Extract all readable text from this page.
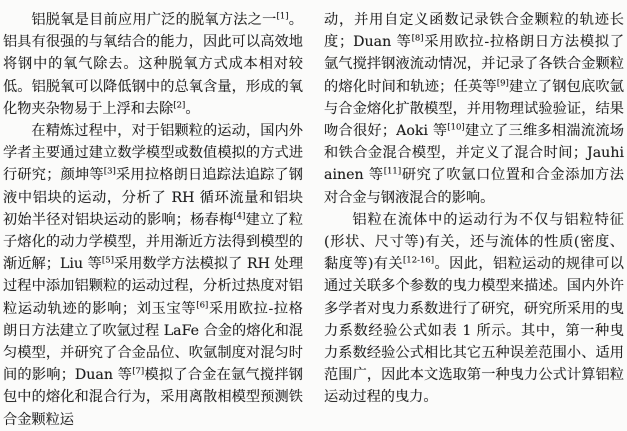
铝脱氧是目前应用广泛的脱氧方法之一[1]。铝具有很强的与氧结合的能力，因此可以高效地将钢中的氧气除去。这种脱氧方式成本相对较低。铝脱氧可以降低钢中的总氧含量，形成的氧化物夹杂物易于上浮和去除[2]。

在精炼过程中，对于铝颗粒的运动，国内外学者主要通过建立数学模型或数值模拟的方式进行研究；颜坤等[3]采用拉格朗日追踪法追踪了钢液中铝块的运动，分析了 RH 循环流量和铝块初始半径对铝块运动的影响；杨春梅[4]建立了粒子熔化的动力学模型，并用渐近方法得到模型的渐近解；Liu 等[5]采用数学方法模拟了 RH 处理过程中添加铝颗粒的运动过程，分析过热度对铝粒运动轨迹的影响；刘玉宝等[6]采用欧拉-拉格朗日方法建立了吹氩过程 LaFe 合金的熔化和混匀模型，并研究了合金品位、吹氩制度对混匀时间的影响；Duan 等[7]模拟了合金在氩气搅拌钢包中的熔化和混合行为，采用离散相模型预测铁合金颗粒运

动，并用自定义函数记录铁合金颗粒的轨迹长度；Duan 等[8]采用欧拉-拉格朗日方法模拟了氩气搅拌钢液流动情况，并记录了各铁合金颗粒的熔化时间和轨迹；任英等[9]建立了钢包底吹氩与合金熔化扩散模型，并用物理试验验证，结果吻合很好；Aoki 等[10]建立了三维多相湍流流场和铁合金混合模型，并定义了混合时间；Jauhiainen 等[11]研究了吹氩口位置和合金添加方法对合金与钢液混合的影响。

铝粒在流体中的运动行为不仅与铝粒特征(形状、尺寸等)有关，还与流体的性质(密度、黏度等)有关[12-16]。因此，铝粒运动的规律可以通过关联多个参数的曳力模型来描述。国内外许多学者对曳力系数进行了研究，研究所采用的曳力系数经验公式如表 1 所示。其中，第一种曳力系数经验公式相比其它五种误差范围小、适用范围广，因此本文选取第一种曳力公式计算铝粒运动过程的曳力。
